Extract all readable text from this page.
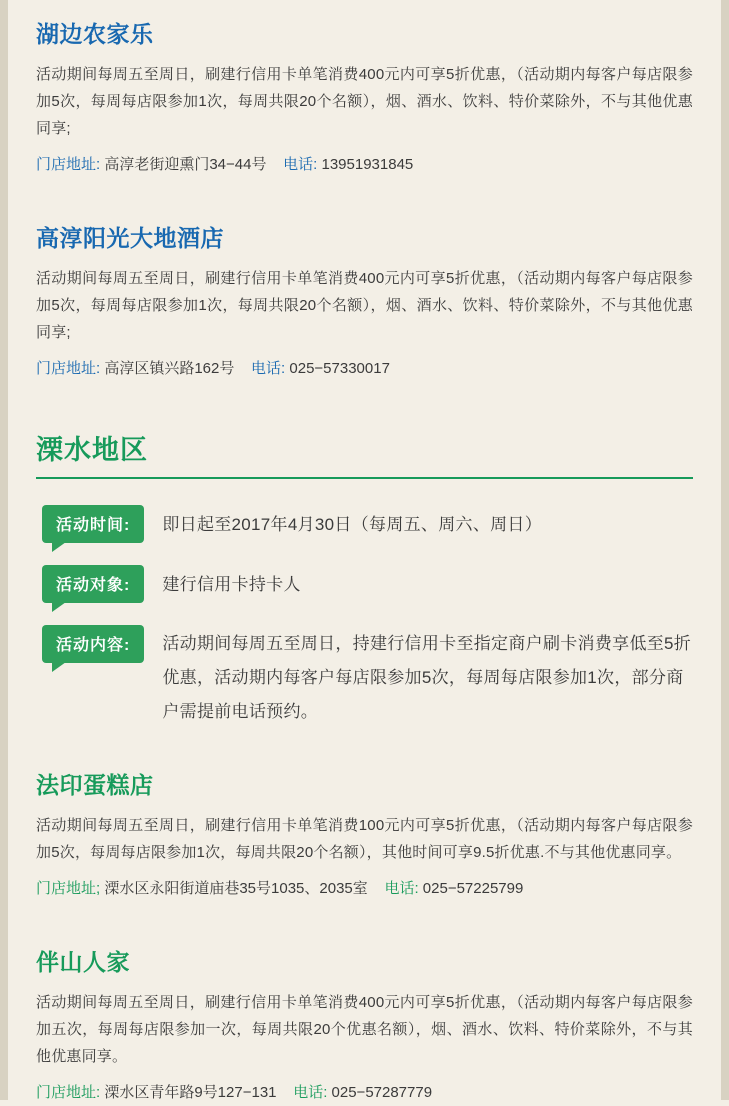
湖边农家乐

活动期间每周五至周日，刷建行信用卡单笔消费400元内可享5折优惠，（活动期内每客户每店限参加5次，每周每店限参加1次，每周共限20个名额），烟、酒水、饮料、特价菜除外，不与其他优惠同享;

门店地址: 高淳老街迎熏门34−44号 电话: 13951931845

高淳阳光大地酒店

活动期间每周五至周日，刷建行信用卡单笔消费400元内可享5折优惠，（活动期内每客户每店限参加5次，每周每店限参加1次，每周共限20个名额），烟、酒水、饮料、特价菜除外，不与其他优惠同享;

门店地址: 高淳区镇兴路162号 电话: 025−57330017

溧水地区
活动时间:	即日起至2017年4月30日（每周五、周六、周日）
活动对象:	建行信用卡持卡人
活动内容:	活动期间每周五至周日，持建行信用卡至指定商户刷卡消费享低至5折优惠，活动期内每客户每店限参加5次，每周每店限参加1次，部分商户需提前电话预约。
法印蛋糕店

活动期间每周五至周日，刷建行信用卡单笔消费100元内可享5折优惠，（活动期内每客户每店限参加5次，每周每店限参加1次，每周共限20个名额），其他时间可享9.5折优惠.不与其他优惠同享。

门店地址; 溧水区永阳街道庙巷35号1035、2035室 电话: 025−57225799

伴山人家

活动期间每周五至周日，刷建行信用卡单笔消费400元内可享5折优惠，（活动期内每客户每店限参加五次，每周每店限参加一次，每周共限20个优惠名额），烟、酒水、饮料、特价菜除外，不与其他优惠同享。

门店地址: 溧水区青年路9号127−131 电话: 025−57287779
